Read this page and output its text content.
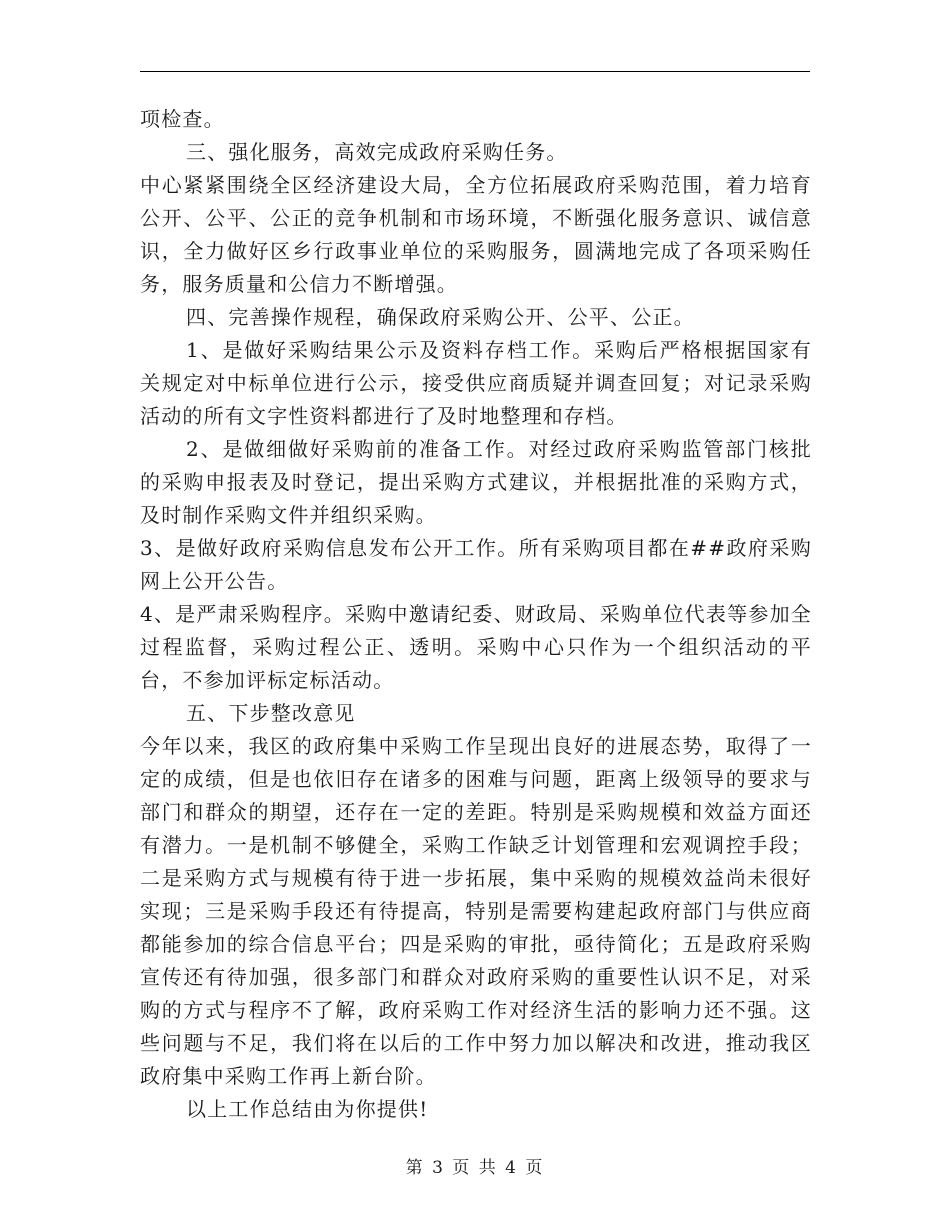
项检查。

三、强化服务，高效完成政府采购任务。

中心紧紧围绕全区经济建设大局，全方位拓展政府采购范围，着力培育公开、公平、公正的竞争机制和市场环境，不断强化服务意识、诚信意识，全力做好区乡行政事业单位的采购服务，圆满地完成了各项采购任务，服务质量和公信力不断增强。

四、完善操作规程，确保政府采购公开、公平、公正。

1、是做好采购结果公示及资料存档工作。采购后严格根据国家有关规定对中标单位进行公示，接受供应商质疑并调查回复；对记录采购活动的所有文字性资料都进行了及时地整理和存档。

2、是做细做好采购前的准备工作。对经过政府采购监管部门核批的采购申报表及时登记，提出采购方式建议，并根据批准的采购方式，及时制作采购文件并组织采购。

3、是做好政府采购信息发布公开工作。所有采购项目都在##政府采购网上公开公告。

4、是严肃采购程序。采购中邀请纪委、财政局、采购单位代表等参加全过程监督，采购过程公正、透明。采购中心只作为一个组织活动的平台，不参加评标定标活动。

五、下步整改意见

今年以来，我区的政府集中采购工作呈现出良好的进展态势，取得了一定的成绩，但是也依旧存在诸多的困难与问题，距离上级领导的要求与部门和群众的期望，还存在一定的差距。特别是采购规模和效益方面还有潜力。一是机制不够健全，采购工作缺乏计划管理和宏观调控手段；二是采购方式与规模有待于进一步拓展，集中采购的规模效益尚未很好实现；三是采购手段还有待提高，特别是需要构建起政府部门与供应商都能参加的综合信息平台；四是采购的审批，亟待简化；五是政府采购宣传还有待加强，很多部门和群众对政府采购的重要性认识不足，对采购的方式与程序不了解，政府采购工作对经济生活的影响力还不强。这些问题与不足，我们将在以后的工作中努力加以解决和改进，推动我区政府集中采购工作再上新台阶。

以上工作总结由为你提供!

第 3 页 共 4 页
